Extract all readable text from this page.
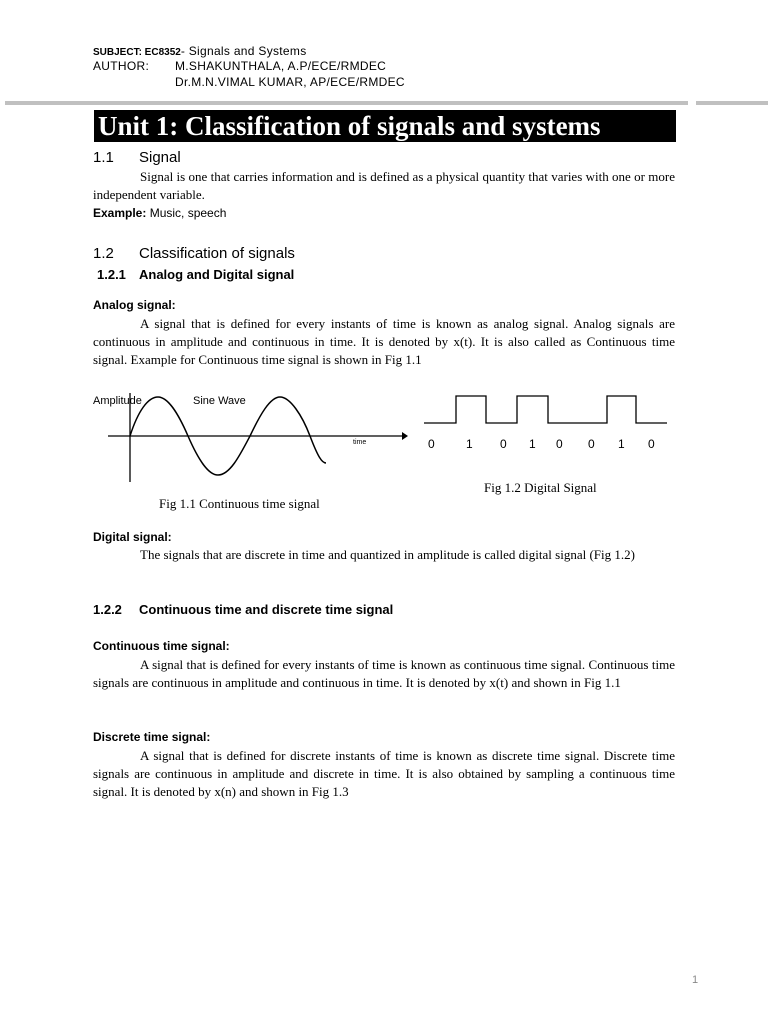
SUBJECT: EC8352- Signals and Systems
AUTHOR: M.SHAKUNTHALA, A.P/ECE/RMDEC
Dr.M.N.VIMAL KUMAR, AP/ECE/RMDEC
Unit 1: Classification of signals and systems
1.1 Signal
Signal is one that carries information and is defined as a physical quantity that varies with one or more independent variable.
Example: Music, speech
1.2 Classification of signals
1.2.1 Analog and Digital signal
Analog signal:
A signal that is defined for every instants of time is known as analog signal. Analog signals are continuous in amplitude and continuous in time. It is denoted by x(t). It is also called as Continuous time signal. Example for Continuous time signal is shown in Fig 1.1
Amplitude	Sine Wave
time
Fig 1.1 Continuous time signal
0	1 0 1 0 0 1 0
Fig 1.2 Digital Signal
Digital signal:
The signals that are discrete in time and quantized in amplitude is called digital signal (Fig 1.2)
1.2.2 Continuous time and discrete time signal
Continuous time signal:
A signal that is defined for every instants of time is known as continuous time signal. Continuous time signals are continuous in amplitude and continuous in time. It is denoted by x(t) and shown in Fig 1.1
Discrete time signal:
A signal that is defined for discrete instants of time is known as discrete time signal. Discrete time signals are continuous in amplitude and discrete in time. It is also obtained by sampling a continuous time signal. It is denoted by x(n) and shown in Fig 1.3
1
